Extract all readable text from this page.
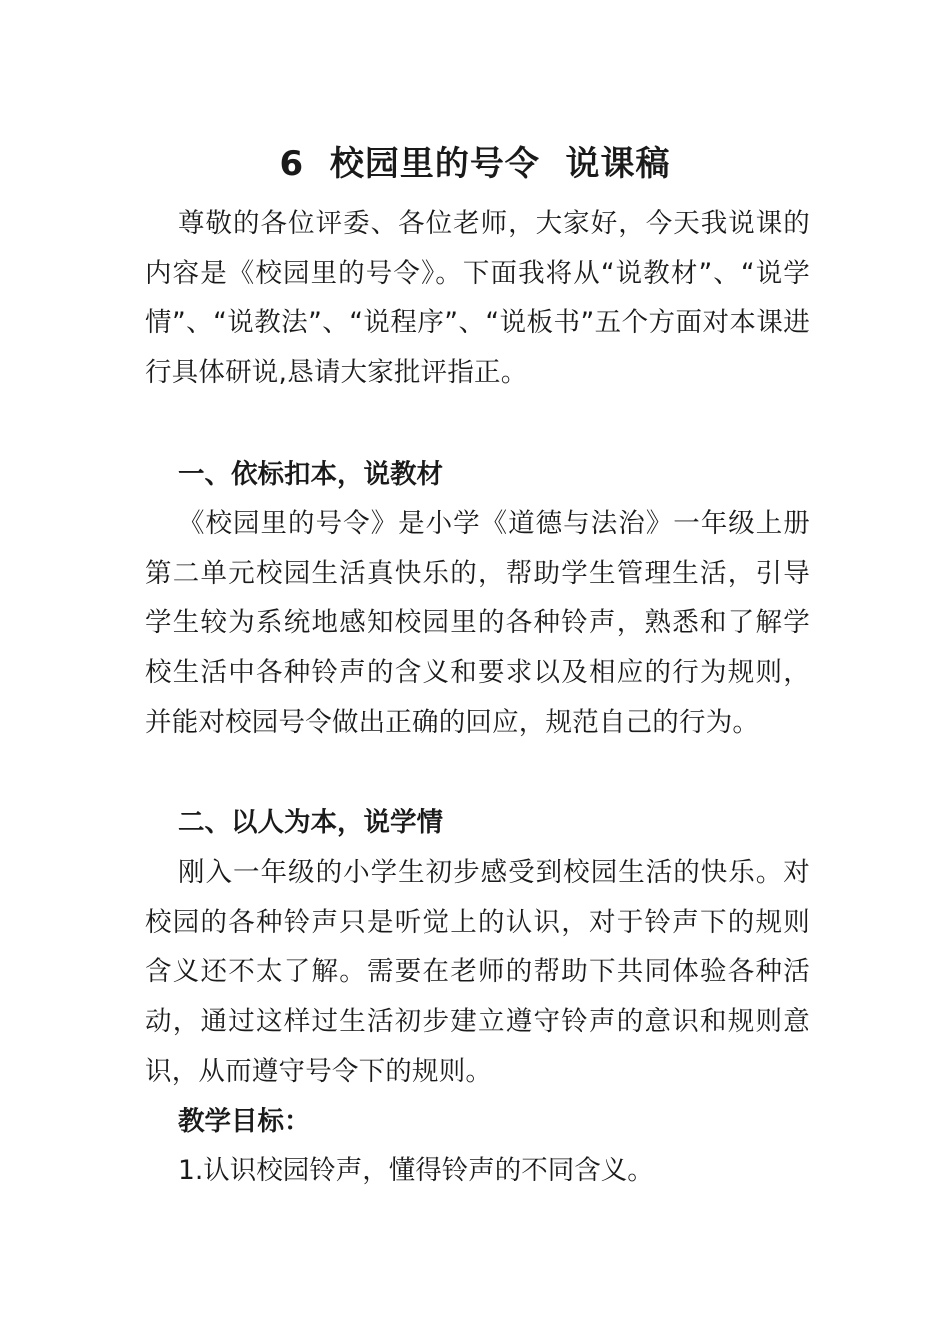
6  校园里的号令  说课稿

尊敬的各位评委、各位老师，大家好，今天我说课的内容是《校园里的号令》。下面我将从“说教材”、“说学情”、“说教法”、“说程序”、“说板书”五个方面对本课进行具体研说,恳请大家批评指正。

一、依标扣本，说教材

《校园里的号令》是小学《道德与法治》一年级上册第二单元校园生活真快乐的，帮助学生管理生活，引导学生较为系统地感知校园里的各种铃声，熟悉和了解学校生活中各种铃声的含义和要求以及相应的行为规则，并能对校园号令做出正确的回应，规范自己的行为。

二、以人为本，说学情

刚入一年级的小学生初步感受到校园生活的快乐。对校园的各种铃声只是听觉上的认识，对于铃声下的规则含义还不太了解。需要在老师的帮助下共同体验各种活动，通过这样过生活初步建立遵守铃声的意识和规则意识，从而遵守号令下的规则。

教学目标：
1.认识校园铃声，懂得铃声的不同含义。
